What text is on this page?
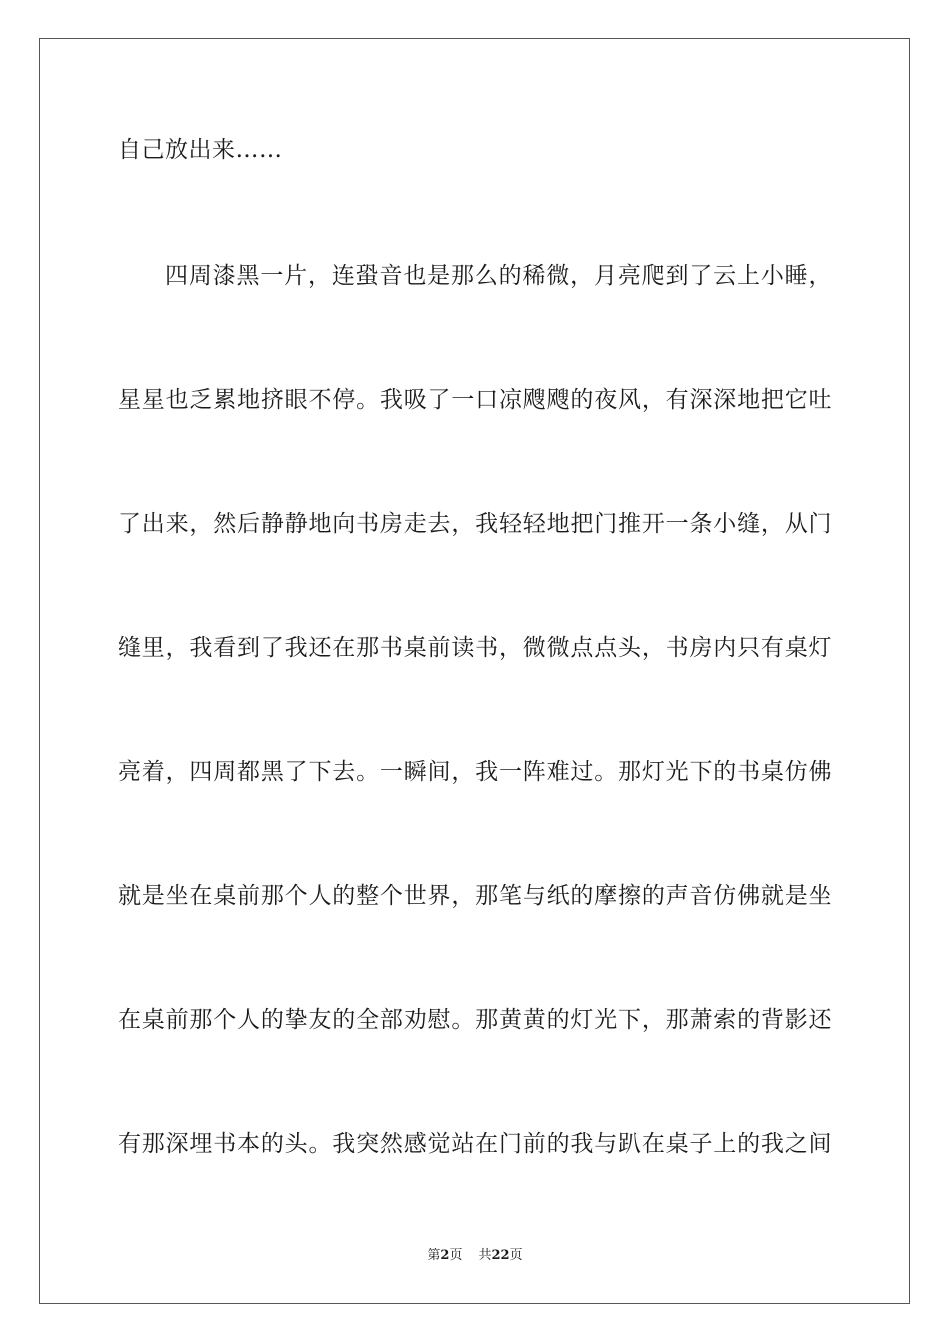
自己放出来……
四周漆黑一片，连蛩音也是那么的稀微，月亮爬到了云上小睡，
星星也乏累地挤眼不停。我吸了一口凉飕飕的夜风，有深深地把它吐
了出来，然后静静地向书房走去，我轻轻地把门推开一条小缝，从门
缝里，我看到了我还在那书桌前读书，微微点点头，书房内只有桌灯
亮着，四周都黑了下去。一瞬间，我一阵难过。那灯光下的书桌仿佛
就是坐在桌前那个人的整个世界，那笔与纸的摩擦的声音仿佛就是坐
在桌前那个人的挚友的全部劝慰。那黄黄的灯光下，那萧索的背影还
有那深埋书本的头。我突然感觉站在门前的我与趴在桌子上的我之间
第2页 共22页
